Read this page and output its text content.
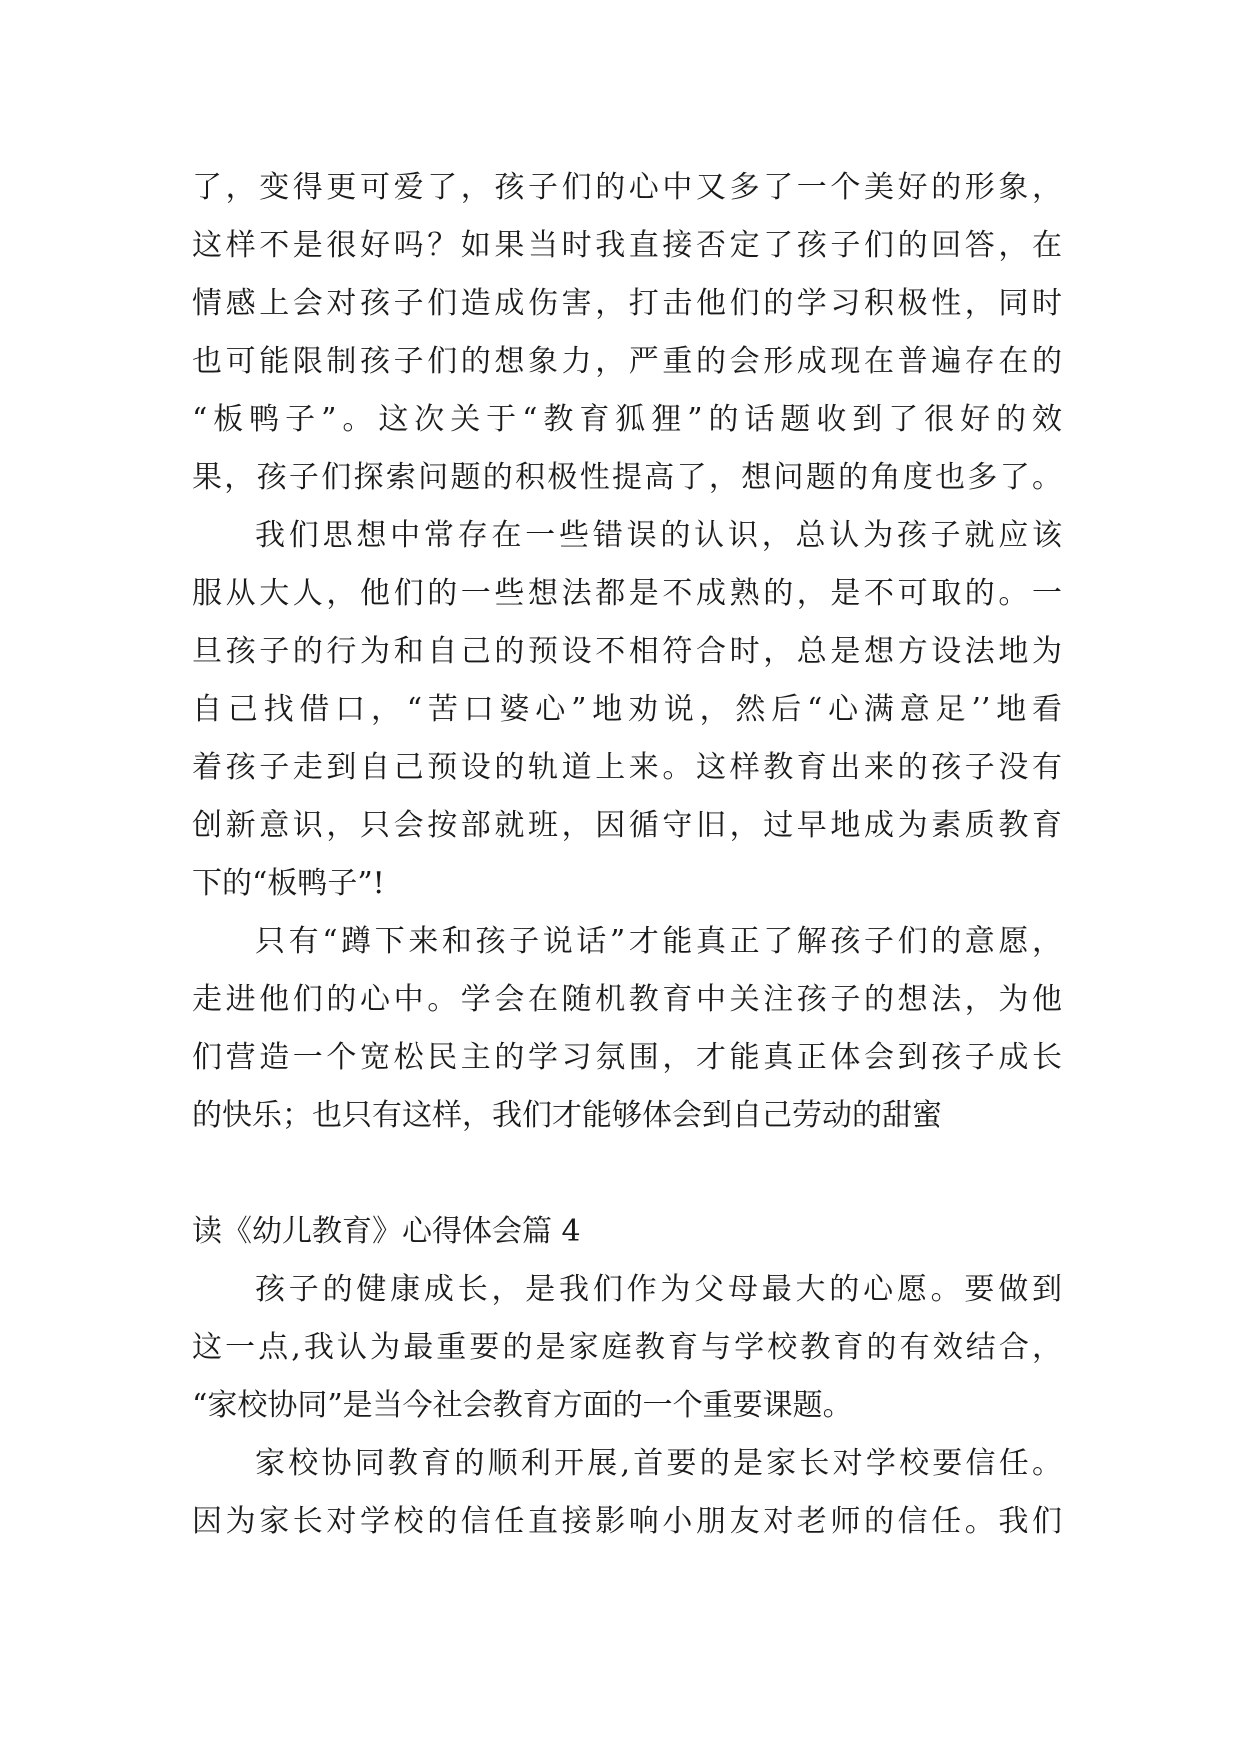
了，变得更可爱了，孩子们的心中又多了一个美好的形象，
这样不是很好吗？如果当时我直接否定了孩子们的回答，在
情感上会对孩子们造成伤害，打击他们的学习积极性，同时
也可能限制孩子们的想象力，严重的会形成现在普遍存在的
“板鸭子”。这次关于“教育狐狸”的话题收到了很好的效
果，孩子们探索问题的积极性提高了，想问题的角度也多了。
我们思想中常存在一些错误的认识，总认为孩子就应该
服从大人，他们的一些想法都是不成熟的，是不可取的。一
旦孩子的行为和自己的预设不相符合时，总是想方设法地为
自己找借口，“苦口婆心”地劝说，然后“心满意足’’地看
着孩子走到自己预设的轨道上来。这样教育出来的孩子没有
创新意识，只会按部就班，因循守旧，过早地成为素质教育
下的“板鸭子”!
只有“蹲下来和孩子说话”才能真正了解孩子们的意愿，
走进他们的心中。学会在随机教育中关注孩子的想法，为他
们营造一个宽松民主的学习氛围，才能真正体会到孩子成长
的快乐；也只有这样，我们才能够体会到自己劳动的甜蜜
读《幼儿教育》心得体会篇 4
孩子的健康成长，是我们作为父母最大的心愿。要做到
这一点,我认为最重要的是家庭教育与学校教育的有效结合，
“家校协同”是当今社会教育方面的一个重要课题。
家校协同教育的顺利开展,首要的是家长对学校要信任。
因为家长对学校的信任直接影响小朋友对老师的信任。我们
